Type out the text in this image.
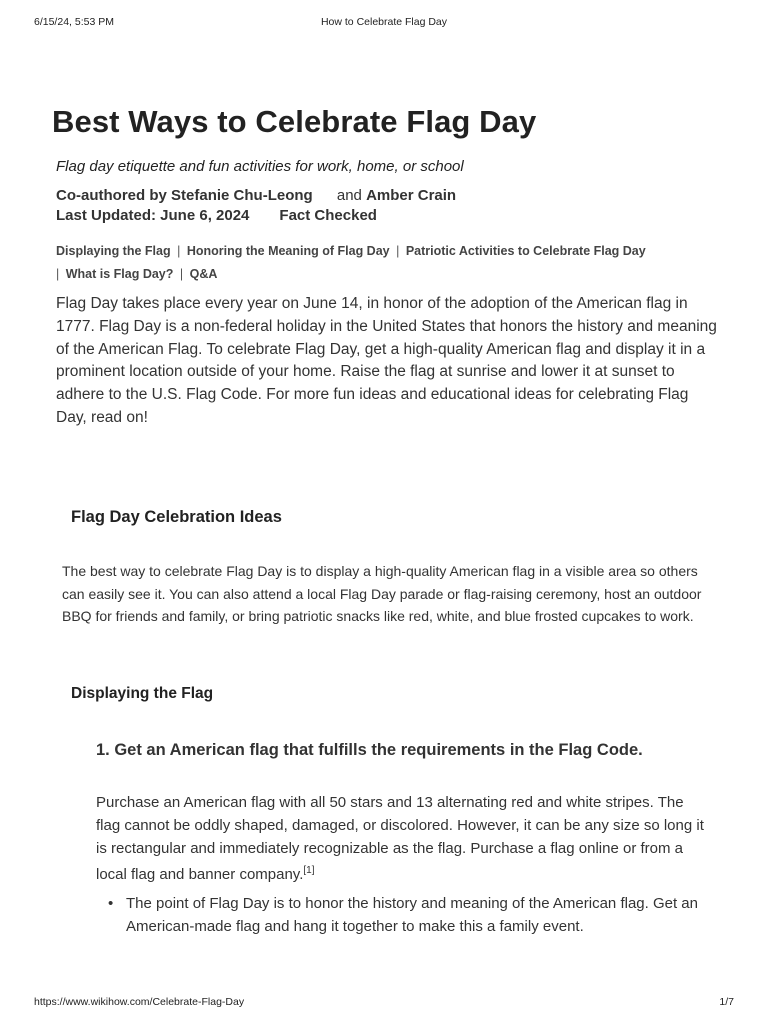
6/15/24, 5:53 PM	How to Celebrate Flag Day
Best Ways to Celebrate Flag Day
Flag day etiquette and fun activities for work, home, or school
Co-authored by Stefanie Chu-Leong and Amber Crain
Last Updated: June 6, 2024 Fact Checked
Displaying the Flag | Honoring the Meaning of Flag Day | Patriotic Activities to Celebrate Flag Day
| What is Flag Day? | Q&A

Flag Day takes place every year on June 14, in honor of the adoption of the American flag in 1777. Flag Day is a non-federal holiday in the United States that honors the history and meaning of the American Flag. To celebrate Flag Day, get a high-quality American flag and display it in a prominent location outside of your home. Raise the flag at sunrise and lower it at sunset to adhere to the U.S. Flag Code. For more fun ideas and educational ideas for celebrating Flag Day, read on!

Flag Day Celebration Ideas

The best way to celebrate Flag Day is to display a high-quality American flag in a visible area so others can easily see it. You can also attend a local Flag Day parade or flag-raising ceremony, host an outdoor BBQ for friends and family, or bring patriotic snacks like red, white, and blue frosted cupcakes to work.

Displaying the Flag
1. Get an American flag that fulfills the requirements in the Flag Code.
Purchase an American flag with all 50 stars and 13 alternating red and white stripes. The flag cannot be oddly shaped, damaged, or discolored. However, it can be any size so long it is rectangular and immediately recognizable as the flag. Purchase a flag online or from a local flag and banner company.[1]
• The point of Flag Day is to honor the history and meaning of the American flag. Get an American-made flag and hang it together to make this a family event.
https://www.wikihow.com/Celebrate-Flag-Day	1/7
